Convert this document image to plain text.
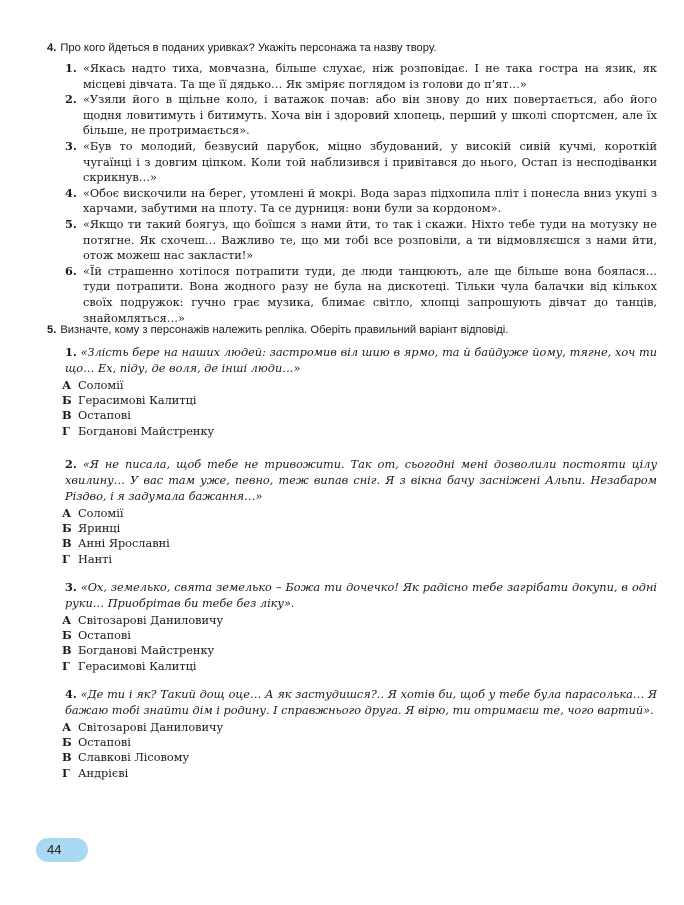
4. Про кого йдеться в поданих уривках? Укажіть персонажа та назву твору.

1. «Якась надто тиха, мовчазна, більше слухає, ніж розповідає. І не така гостра на язик, як місцеві дівчата. Та ще її дядько… Як зміряє поглядом із голови до п’ят…»
2. «Узяли його в щільне коло, і ватажок почав: або він знову до них повертається, або його щодня ловитимуть і битимуть. Хоча він і здоровий хлопець, перший у школі спортсмен, але їх більше, не протримається».
3. «Був то молодий, безвусий парубок, міцно збудований, у високій сивій кучмі, короткій чугаїнці і з довгим ціпком. Коли той наблизився і привітався до нього, Остап із несподіванки скрикнув…»
4. «Обоє вискочили на берег, утомлені й мокрі. Вода зараз підхопила пліт і понесла вниз укупі з харчами, забутими на плоту. Та се дурниця: вони були за кордоном».
5. «Якщо ти такий боягуз, що боїшся з нами йти, то так і скажи. Ніхто тебе туди на мотузку не потягне. Як схочеш… Важливо те, що ми тобі все розповіли, а ти відмовляєшся з нами йти, отож можеш нас закласти!»
6. «Їй страшенно хотілося потрапити туди, де люди танцюють, але ще більше вона боялася… туди потрапити. Вона жодного разу не була на дискотеці. Тільки чула балачки від кількох своїх подружок: гучно грає музика, блимає світло, хлопці запрошують дівчат до танців, знайомляться…»

5. Визначте, кому з персонажів належить репліка. Оберіть правильний варіант відповіді.

1. «Злість бере на наших людей: застромив віл шию в ярмо, та й байдуже йому, тягне, хоч ти що… Ех, піду, де воля, де інші люди…»

А Соломії
Б Герасимові Калитці
В Остапові
Г Богданові Майстренку

2. «Я не писала, щоб тебе не тривожити. Так от, сьогодні мені дозволили постояти цілу хвилину… У вас там уже, певно, теж випав сніг. Я з вікна бачу засніжені Альпи. Незабаром Різдво, і я задумала бажання…»

А Соломії
Б Яринці
В Анні Ярославні
Г Нанті

3. «Ох, земелько, свята земелько – Божа ти дочечко! Як радісно тебе загрібати докупи, в одні руки… Приобрітав би тебе без ліку».

А Світозарові Даниловичу
Б Остапові
В Богданові Майстренку
Г Герасимові Калитці

4. «Де ти і як? Такий дощ оце… А як застудишся?.. Я хотів би, щоб у тебе була парасолька… Я бажаю тобі знайти дім і родину. І справжнього друга. Я вірю, ти отримаєш те, чого вартий».

А Світозарові Даниловичу
Б Остапові
В Славкові Лісовому
Г Андрієві
44
